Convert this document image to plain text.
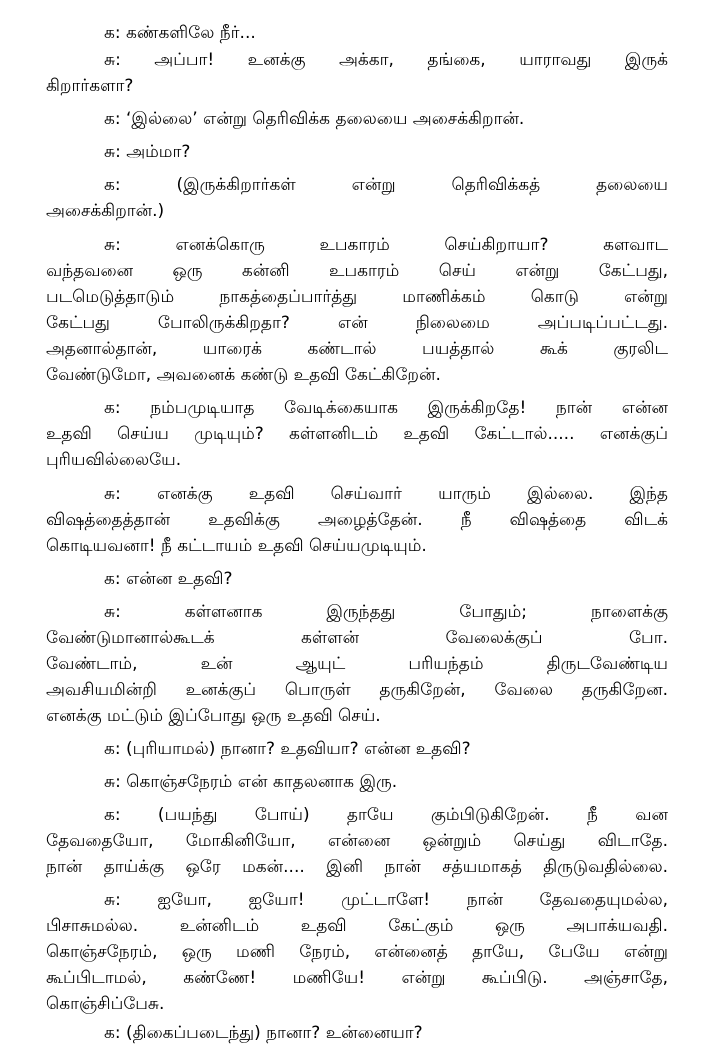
க: கண்களிலே நீர்...
சு: அப்பா! உனக்கு அக்கா, தங்கை, யாராவது இருக்
கிறார்களா?
க: ‘இல்லை’ என்று தெரிவிக்க தலையை அசைக்கிறான்.
சு: அம்மா?
க: (இருக்கிறார்கள் என்று தெரிவிக்கத் தலையை
அசைக்கிறான்.)
சு: எனக்கொரு உபகாரம் செய்கிறாயா? களவாட
வந்தவனை ஒரு கன்னி உபகாரம் செய் என்று கேட்பது,
படமெடுத்தாடும் நாகத்தைப்பார்த்து மாணிக்கம் கொடு என்று
கேட்பது போலிருக்கிறதா? என் நிலைமை அப்படிப்பட்டது.
அதனால்தான், யாரைக் கண்டால் பயத்தால் கூக் குரலிட
வேண்டுமோ, அவனைக் கண்டு உதவி கேட்கிறேன்.
க: நம்பமுடியாத வேடிக்கையாக இருக்கிறதே! நான் என்ன
உதவி செய்ய முடியும்? கள்ளனிடம் உதவி கேட்டால்..... எனக்குப்
புரியவில்லையே.
சு: எனக்கு உதவி செய்வார் யாரும் இல்லை. இந்த
விஷத்தைத்தான் உதவிக்கு அழைத்தேன். நீ விஷத்தை விடக்
கொடியவனா! நீ கட்டாயம் உதவி செய்யமுடியும்.
க: என்ன உதவி?
சு: கள்ளனாக இருந்தது போதும்; நாளைக்கு
வேண்டுமானால்கூடக் கள்ளன் வேலைக்குப் போ.
வேண்டாம், உன் ஆயுட் பரியந்தம் திருடவேண்டிய
அவசியமின்றி உனக்குப் பொருள் தருகிறேன், வேலை தருகிறேன.
எனக்கு மட்டும் இப்போது ஒரு உதவி செய்.
க: (புரியாமல்) நானா? உதவியா? என்ன உதவி?
சு: கொஞ்சநேரம் என் காதலனாக இரு.
க: (பயந்து போய்) தாயே கும்பிடுகிறேன். நீ வன
தேவதையோ, மோகினியோ, என்னை ஒன்றும் செய்து விடாதே.
நான் தாய்க்கு ஒரே மகன்.... இனி நான் சத்யமாகத் திருடுவதில்லை.
சு: ஐயோ, ஐயோ! முட்டாளே! நான் தேவதையுமல்ல,
பிசாசுமல்ல. உன்னிடம் உதவி கேட்கும் ஒரு அபாக்யவதி.
கொஞ்சநேரம், ஒரு மணி நேரம், என்னைத் தாயே, பேயே என்று
கூப்பிடாமல், கண்ணே! மணியே! என்று கூப்பிடு. அஞ்சாதே,
கொஞ்சிப்பேசு.
க: (திகைப்படைந்து) நானா? உன்னையா?
